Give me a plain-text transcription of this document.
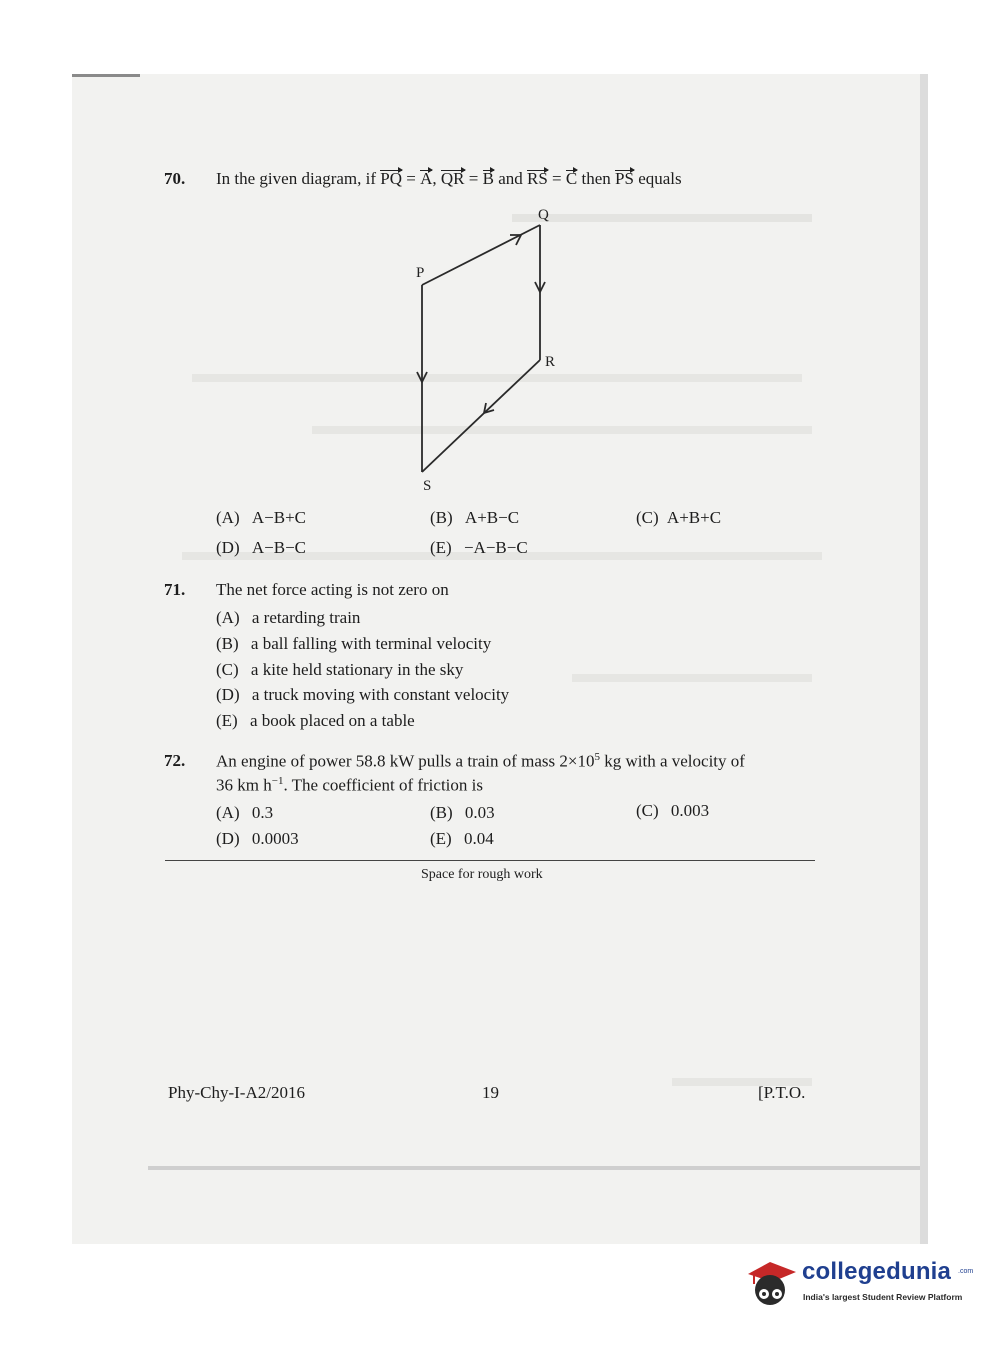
70. In the given diagram, if PQ = A, QR = B and RS = C then PS equals
P
Q
R
S
(A) A−B+C	(B) A+B−C	(C) A+B+C
(D) A−B−C	(E) −A−B−C
71. The net force acting is not zero on
(A) a retarding train
(B) a ball falling with terminal velocity
(C) a kite held stationary in the sky
(D) a truck moving with constant velocity
(E) a book placed on a table
72. An engine of power 58.8 kW pulls a train of mass $2\times 10^5$ kg with a velocity of
36 km $h^{-1}$. The coefficient of friction is
(A) 0.3	(B) 0.03	(C) 0.003
(D) 0.0003	(E) 0.04
Space for rough work
Phy-Chy-I-A2/2016	19	[P.T.O.
collegedunia .com
India's largest Student Review Platform
